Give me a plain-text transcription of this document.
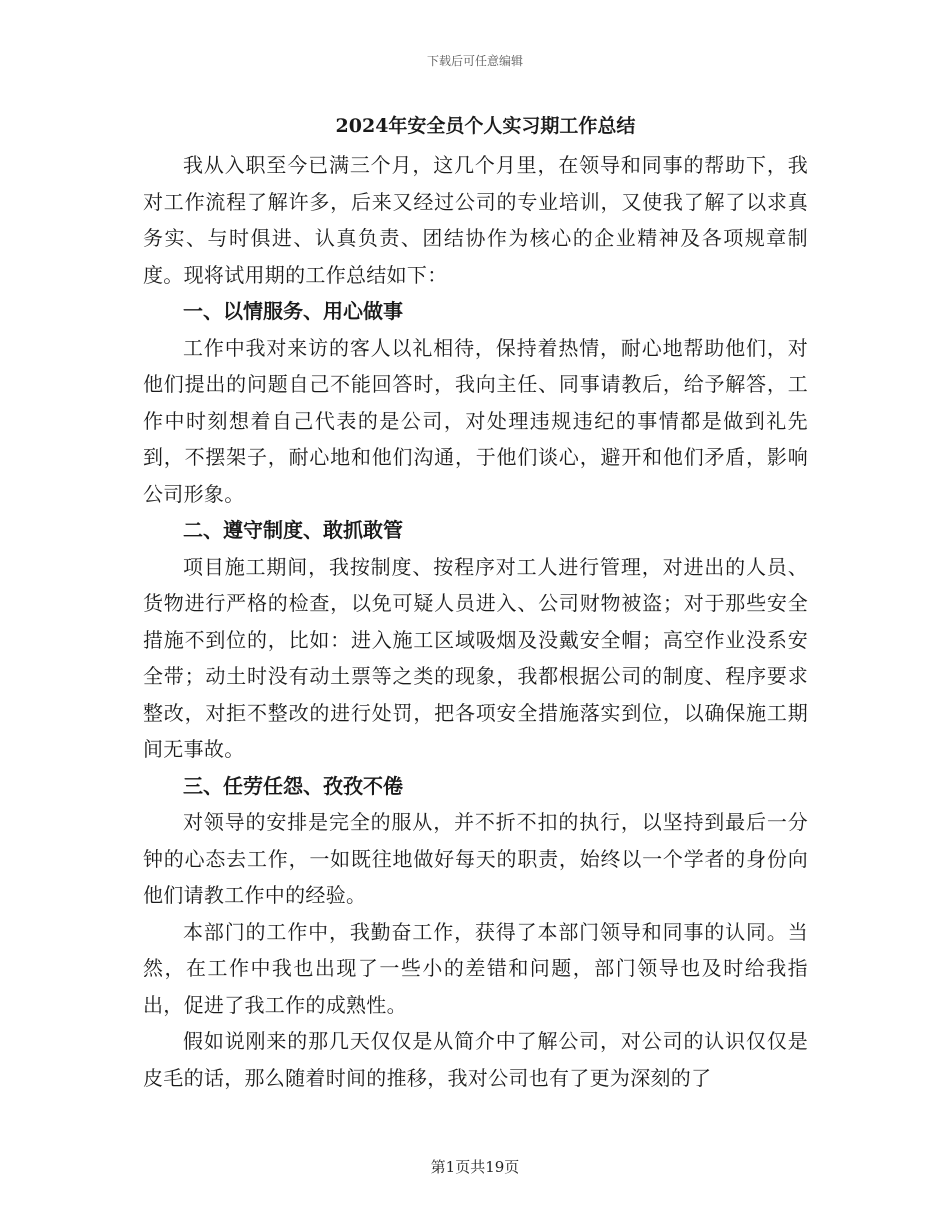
下载后可任意编辑
2024年安全员个人实习期工作总结

我从入职至今已满三个月，这几个月里，在领导和同事的帮助下，我对工作流程了解许多，后来又经过公司的专业培训，又使我了解了以求真务实、与时俱进、认真负责、团结协作为核心的企业精神及各项规章制度。现将试用期的工作总结如下：

一、以情服务、用心做事

工作中我对来访的客人以礼相待，保持着热情，耐心地帮助他们，对他们提出的问题自己不能回答时，我向主任、同事请教后，给予解答，工作中时刻想着自己代表的是公司，对处理违规违纪的事情都是做到礼先到，不摆架子，耐心地和他们沟通，于他们谈心，避开和他们矛盾，影响公司形象。

二、遵守制度、敢抓敢管

项目施工期间，我按制度、按程序对工人进行管理，对进出的人员、货物进行严格的检查，以免可疑人员进入、公司财物被盗；对于那些安全措施不到位的，比如：进入施工区域吸烟及没戴安全帽；高空作业没系安全带；动土时没有动土票等之类的现象，我都根据公司的制度、程序要求整改，对拒不整改的进行处罚，把各项安全措施落实到位，以确保施工期间无事故。

三、任劳任怨、孜孜不倦

对领导的安排是完全的服从，并不折不扣的执行，以坚持到最后一分钟的心态去工作，一如既往地做好每天的职责，始终以一个学者的身份向他们请教工作中的经验。

本部门的工作中，我勤奋工作，获得了本部门领导和同事的认同。当然，在工作中我也出现了一些小的差错和问题，部门领导也及时给我指出，促进了我工作的成熟性。

假如说刚来的那几天仅仅是从简介中了解公司，对公司的认识仅仅是皮毛的话，那么随着时间的推移，我对公司也有了更为深刻的了

第1页共19页
